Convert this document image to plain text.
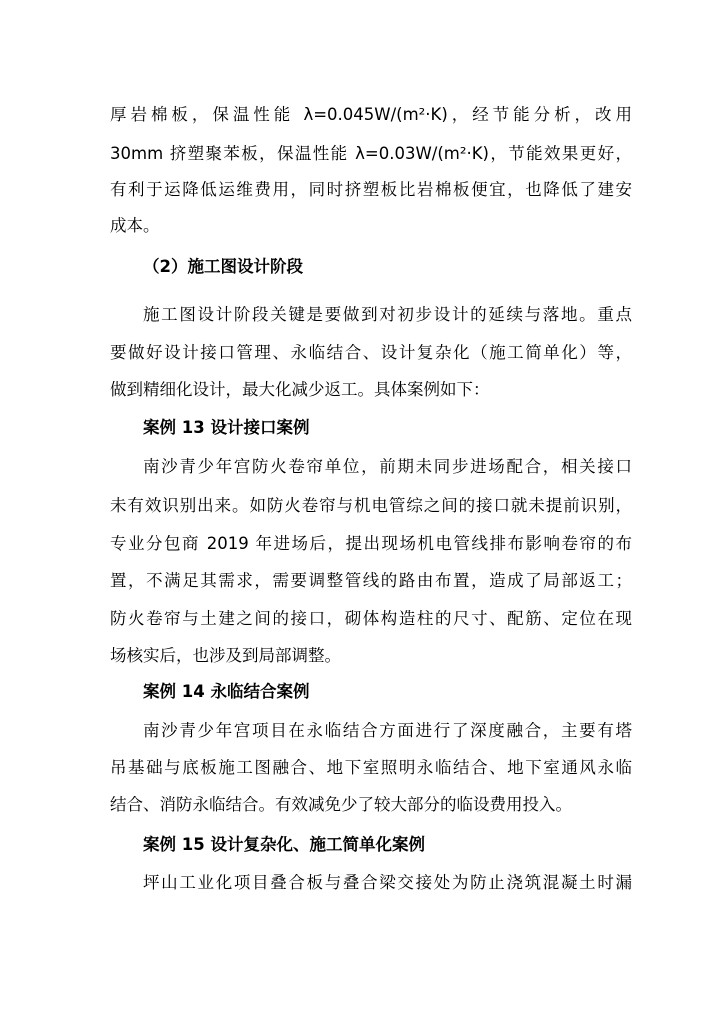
厚岩棉板，保温性能 λ=0.045W/(m²·K)，经节能分析，改用
30mm 挤塑聚苯板，保温性能 λ=0.03W/(m²·K)，节能效果更好，
有利于运降低运维费用，同时挤塑板比岩棉板便宜，也降低了建安
成本。
（2）施工图设计阶段
施工图设计阶段关键是要做到对初步设计的延续与落地。重点
要做好设计接口管理、永临结合、设计复杂化（施工简单化）等，
做到精细化设计，最大化减少返工。具体案例如下：
案例 13 设计接口案例
南沙青少年宫防火卷帘单位，前期未同步进场配合，相关接口
未有效识别出来。如防火卷帘与机电管综之间的接口就未提前识别，
专业分包商 2019 年进场后，提出现场机电管线排布影响卷帘的布
置，不满足其需求，需要调整管线的路由布置，造成了局部返工；
防火卷帘与土建之间的接口，砌体构造柱的尺寸、配筋、定位在现
场核实后，也涉及到局部调整。
案例 14 永临结合案例
南沙青少年宫项目在永临结合方面进行了深度融合，主要有塔
吊基础与底板施工图融合、地下室照明永临结合、地下室通风永临
结合、消防永临结合。有效减免少了较大部分的临设费用投入。
案例 15 设计复杂化、施工简单化案例
坪山工业化项目叠合板与叠合梁交接处为防止浇筑混凝土时漏
